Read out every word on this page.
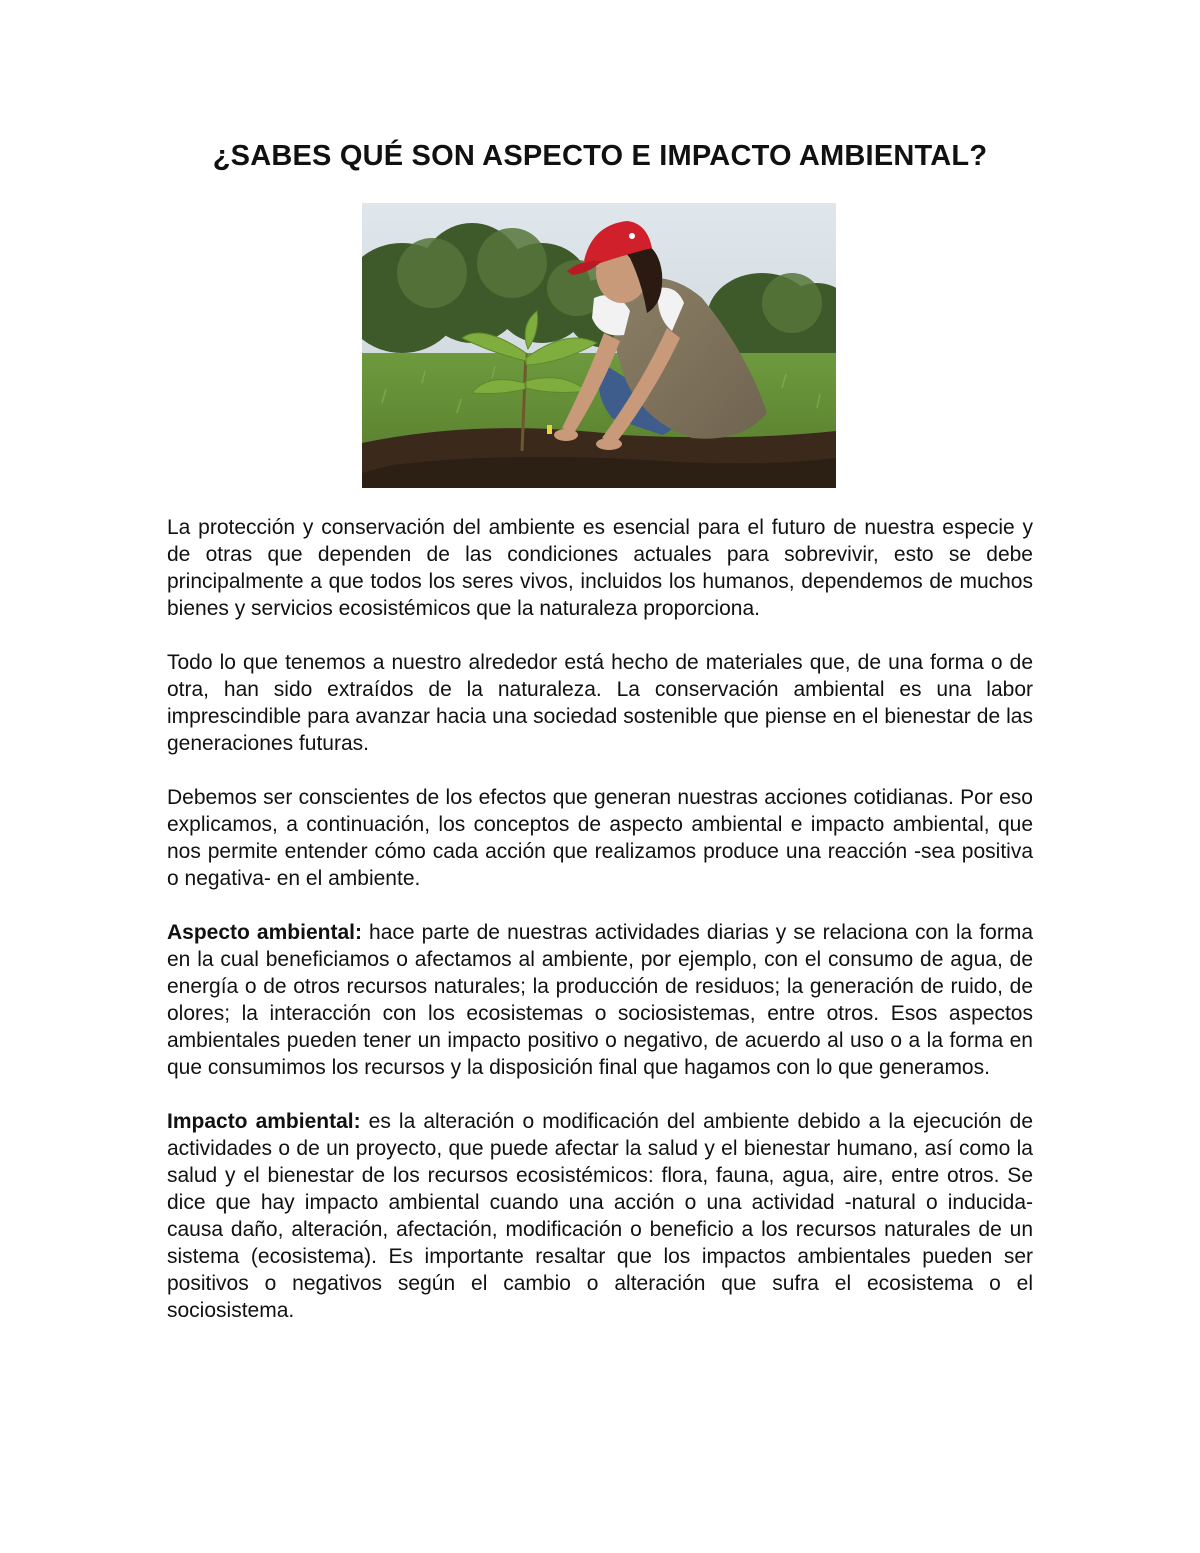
¿SABES QUÉ SON ASPECTO E IMPACTO AMBIENTAL?

La protección y conservación del ambiente es esencial para el futuro de nuestra especie y de otras que dependen de las condiciones actuales para sobrevivir, esto se debe principalmente a que todos los seres vivos, incluidos los humanos, dependemos de muchos bienes y servicios ecosistémicos que la naturaleza proporciona.

Todo lo que tenemos a nuestro alrededor está hecho de materiales que, de una forma o de otra, han sido extraídos de la naturaleza. La conservación ambiental es una labor imprescindible para avanzar hacia una sociedad sostenible que piense en el bienestar de las generaciones futuras.

Debemos ser conscientes de los efectos que generan nuestras acciones cotidianas. Por eso explicamos, a continuación, los conceptos de aspecto ambiental e impacto ambiental, que nos permite entender cómo cada acción que realizamos produce una reacción -sea positiva o negativa- en el ambiente.

Aspecto ambiental: hace parte de nuestras actividades diarias y se relaciona con la forma en la cual beneficiamos o afectamos al ambiente, por ejemplo, con el consumo de agua, de energía o de otros recursos naturales; la producción de residuos; la generación de ruido, de olores; la interacción con los ecosistemas o sociosistemas, entre otros. Esos aspectos ambientales pueden tener un impacto positivo o negativo, de acuerdo al uso o a la forma en que consumimos los recursos y la disposición final que hagamos con lo que generamos.

Impacto ambiental: es la alteración o modificación del ambiente debido a la ejecución de actividades o de un proyecto, que puede afectar la salud y el bienestar humano, así como la salud y el bienestar de los recursos ecosistémicos: flora, fauna, agua, aire, entre otros. Se dice que hay impacto ambiental cuando una acción o una actividad -natural o inducida- causa daño, alteración, afectación, modificación o beneficio a los recursos naturales de un sistema (ecosistema). Es importante resaltar que los impactos ambientales pueden ser positivos o negativos según el cambio o alteración que sufra el ecosistema o el sociosistema.
